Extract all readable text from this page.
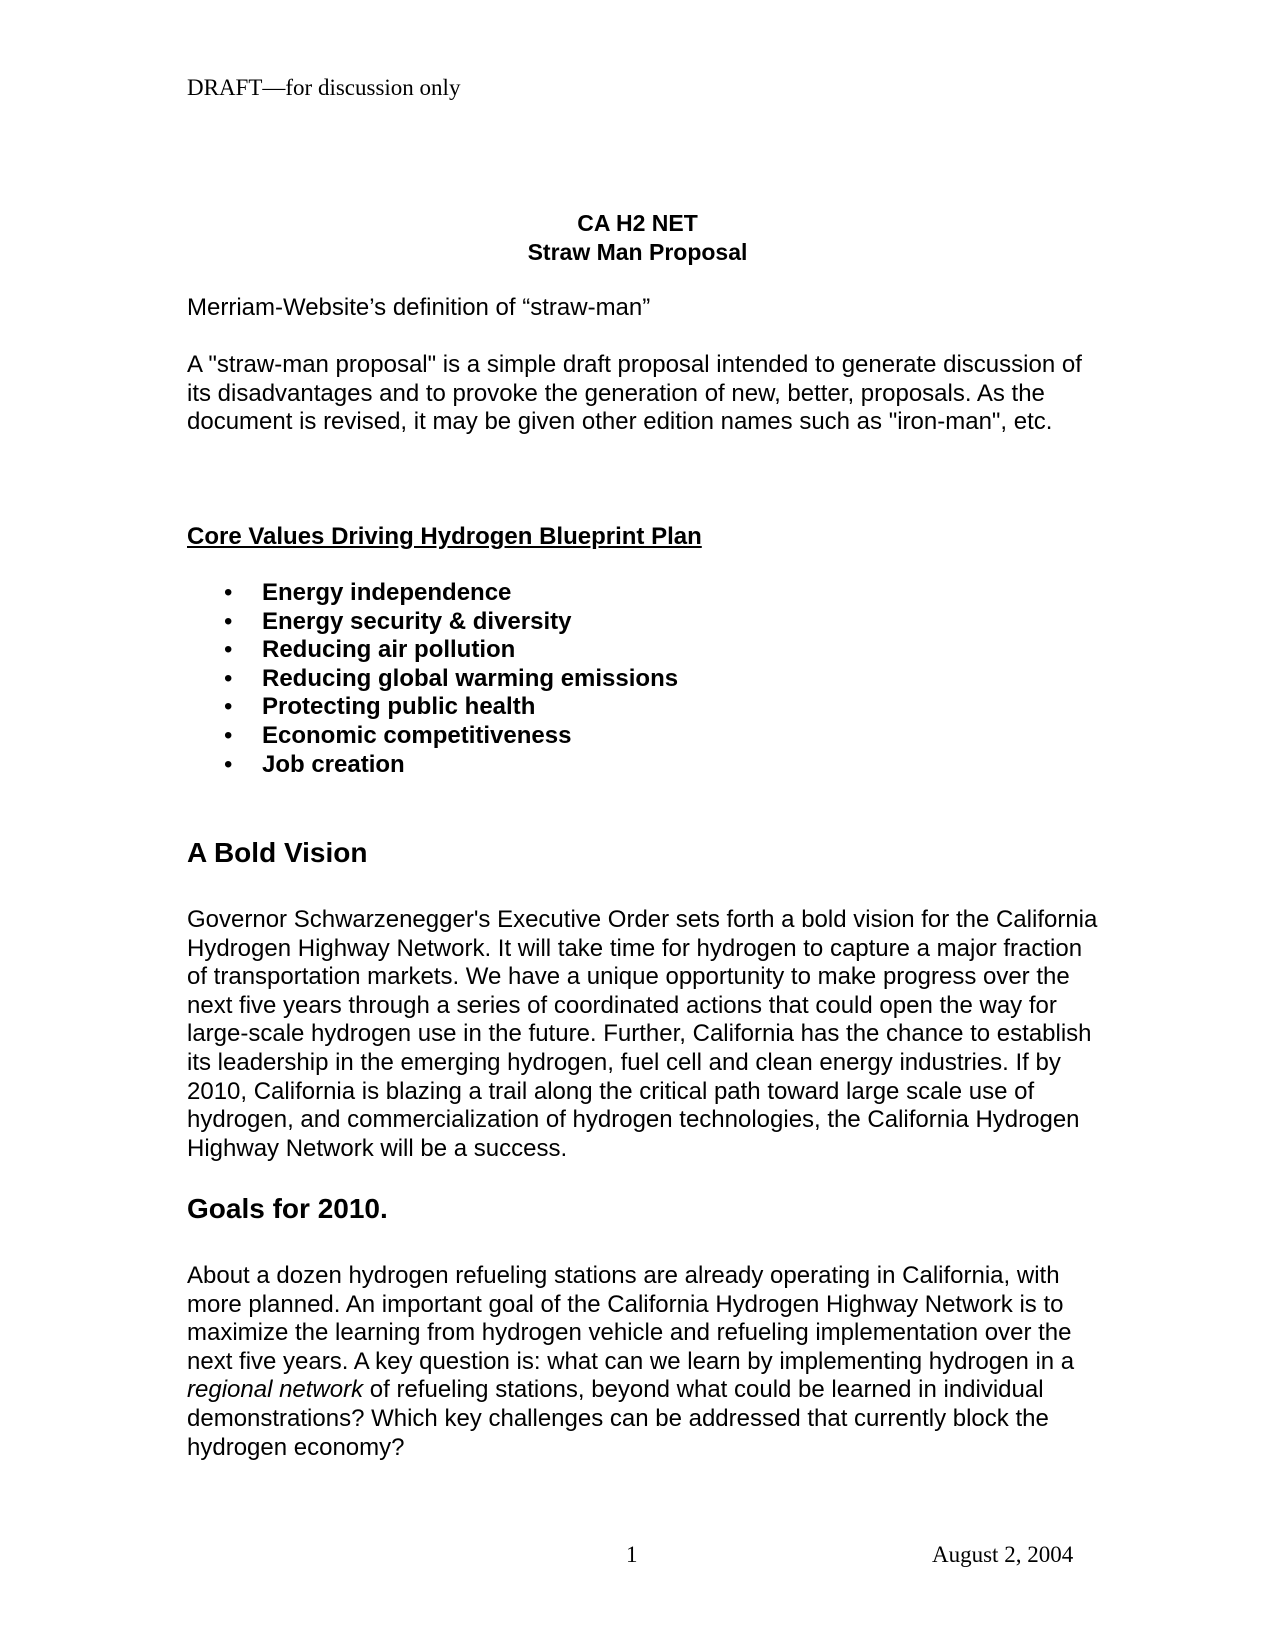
DRAFT—for discussion only
CA H2 NET
Straw Man Proposal
Merriam-Website’s definition of “straw-man”
A "straw-man proposal" is a simple draft proposal intended to generate discussion of its disadvantages and to provoke the generation of new, better, proposals. As the document is revised, it may be given other edition names such as "iron-man", etc.
Core Values Driving Hydrogen Blueprint Plan
• Energy independence
• Energy security & diversity
• Reducing air pollution
• Reducing global warming emissions
• Protecting public health
• Economic competitiveness
• Job creation
A Bold Vision
Governor Schwarzenegger's Executive Order sets forth a bold vision for the California Hydrogen Highway Network. It will take time for hydrogen to capture a major fraction of transportation markets. We have a unique opportunity to make progress over the next five years through a series of coordinated actions that could open the way for large-scale hydrogen use in the future. Further, California has the chance to establish its leadership in the emerging hydrogen, fuel cell and clean energy industries. If by 2010, California is blazing a trail along the critical path toward large scale use of hydrogen, and commercialization of hydrogen technologies, the California Hydrogen Highway Network will be a success.
Goals for 2010.
About a dozen hydrogen refueling stations are already operating in California, with more planned. An important goal of the California Hydrogen Highway Network is to maximize the learning from hydrogen vehicle and refueling implementation over the next five years. A key question is: what can we learn by implementing hydrogen in a regional network of refueling stations, beyond what could be learned in individual demonstrations? Which key challenges can be addressed that currently block the hydrogen economy?
1	August 2, 2004
